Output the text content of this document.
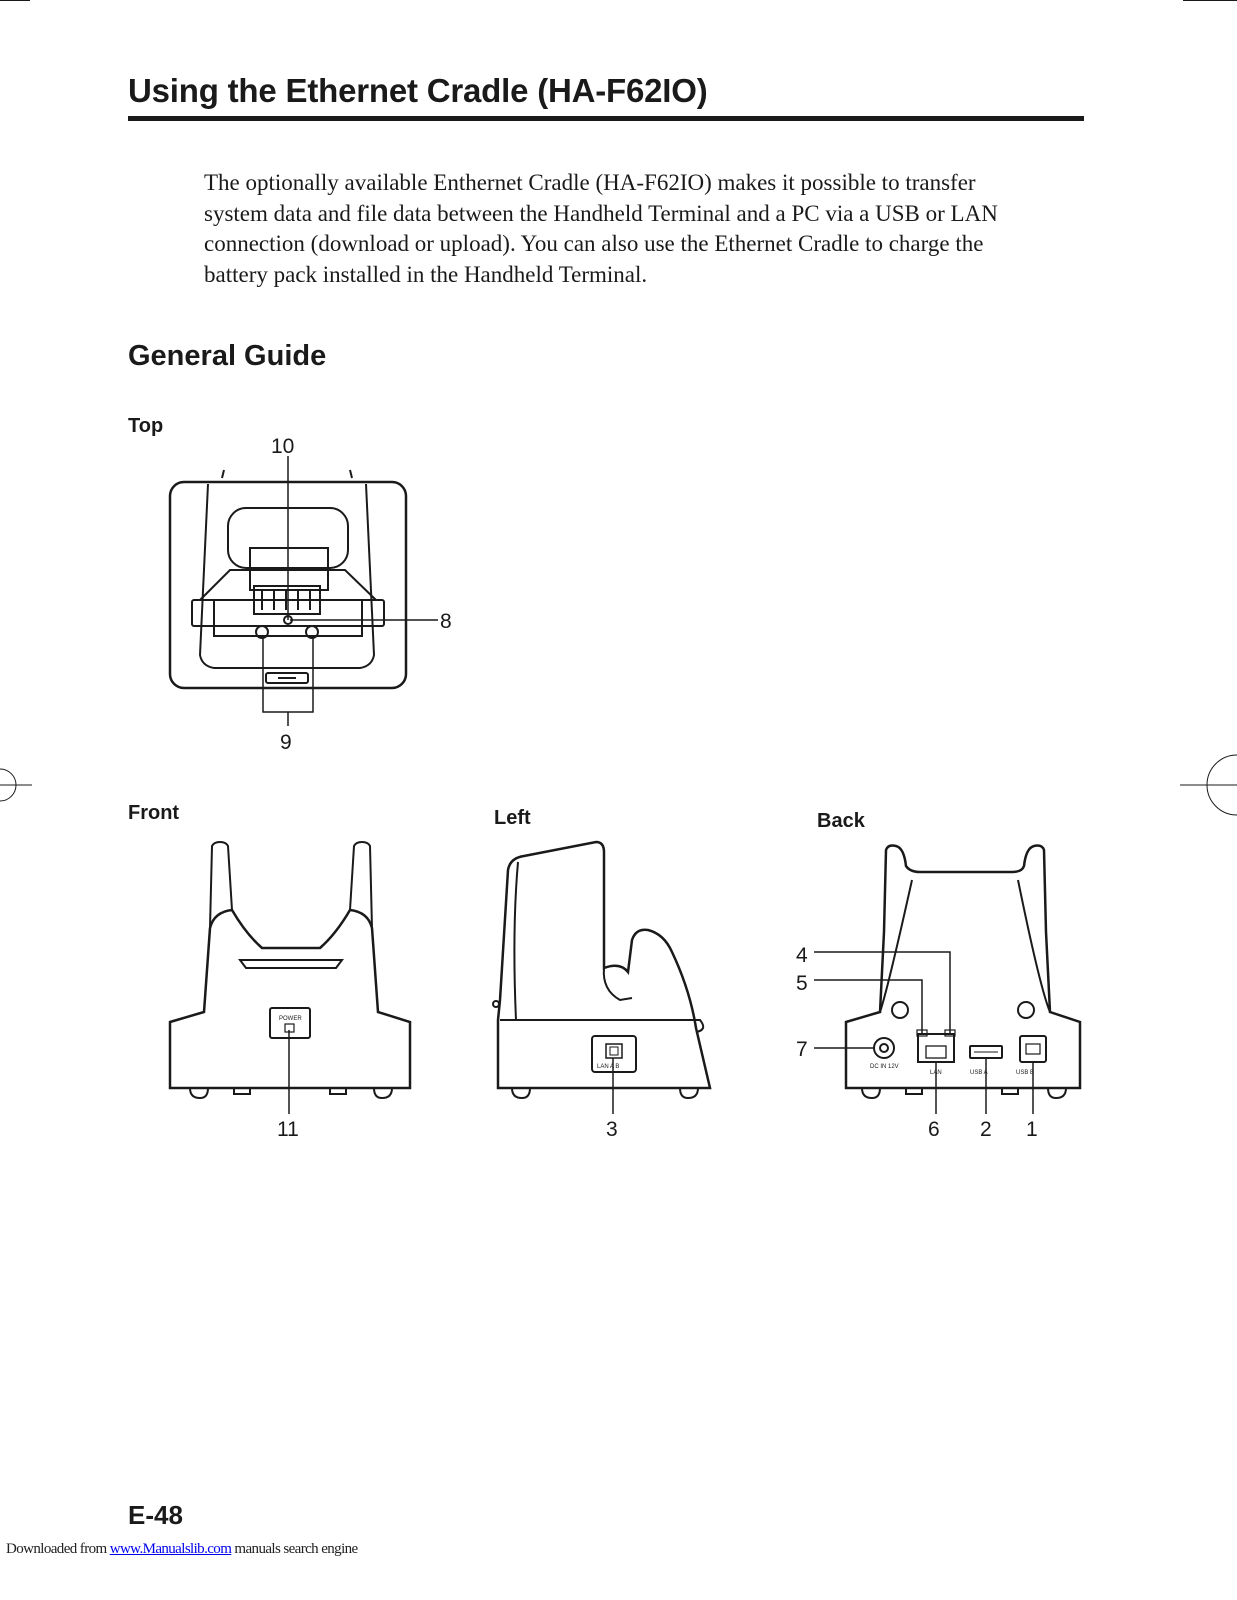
Using the Ethernet Cradle (HA-F62IO)

The optionally available Enthernet Cradle (HA-F62IO) makes it possible to transfer system data and file data between the Handheld Terminal and a PC via a USB or LAN connection (download or upload). You can also use the Ethernet Cradle to charge the battery pack installed in the Handheld Terminal.

General Guide
Top
Front	Left	Back
10
8
9
POWER
11
LAN A B
3
DC IN 12V
LAN	USB A	USB B
4
5
7
6 2 1
E-48
Downloaded from www.Manualslib.com manuals search engine
